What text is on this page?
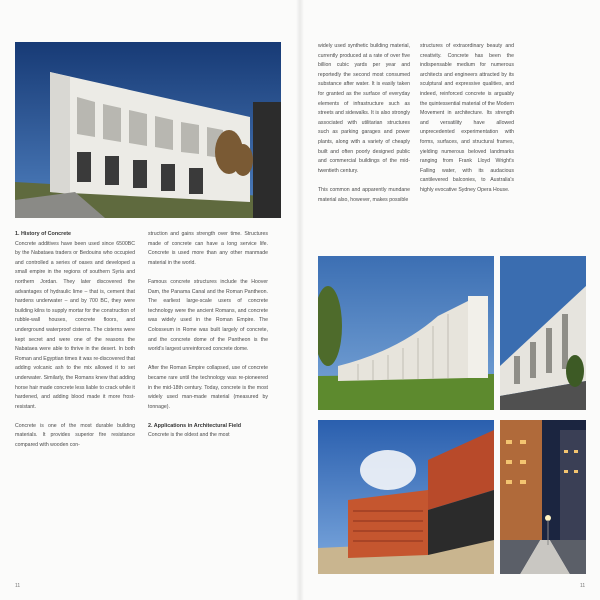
1. History of Concrete

Concrete additives have been used since 6500BC by the Nabataea traders or Bedouins who occupied and controlled a series of oases and developed a small empire in the regions of southern Syria and northern Jordan. They later discovered the advantages of hydraulic lime – that is, cement that hardens underwater – and by 700 BC, they were building kilns to supply mortar for the construction of rubble-wall houses, concrete floors, and underground waterproof cisterns. The cisterns were kept secret and were one of the reasons the Nabataea were able to thrive in the desert. In both Roman and Egyptian times it was re-discovered that adding volcanic ash to the mix allowed it to set underwater. Similarly, the Romans knew that adding horse hair made concrete less liable to crack while it hardened, and adding blood made it more frost-resistant.

Concrete is one of the most durable building materials. It provides superior fire resistance compared with wooden con-

struction and gains strength over time. Structures made of concrete can have a long service life. Concrete is used more than any other manmade material in the world.

Famous concrete structures include the Hoover Dam, the Panama Canal and the Roman Pantheon. The earliest large-scale users of concrete technology were the ancient Romans, and concrete was widely used in the Roman Empire. The Colosseum in Rome was built largely of concrete, and the concrete dome of the Pantheon is the world's largest unreinforced concrete dome.

After the Roman Empire collapsed, use of concrete became rare until the technology was re-pioneered in the mid-18th century. Today, concrete is the most widely used man-made material (measured by tonnage).

2. Applications in Architectural Field

Concrete is the oldest and the most

11

widely used synthetic building material, currently produced at a rate of over five billion cubic yards per year and reportedly the second most consumed substance after water. It is easily taken for granted as the surface of everyday elements of infrastructure such as streets and sidewalks. It is also strongly associated with utilitarian structures such as parking garages and power plants, along with a variety of cheaply built and often poorly designed public and commercial buildings of the mid-twentieth century.

This common and apparently mundane material also, however, makes possible

structures of extraordinary beauty and creativity. Concrete has been the indispensable medium for numerous architects and engineers attracted by its sculptural and expressive qualities, and indeed, reinforced concrete is arguably the quintessential material of the Modern Movement in architecture. Its strength and versatility have allowed unprecedented experimentation with forms, surfaces, and structural frames, yielding numerous beloved landmarks ranging from Frank Lloyd Wright's Falling water, with its audacious cantilevered balconies, to Australia's highly evocative Sydney Opera House.

11
